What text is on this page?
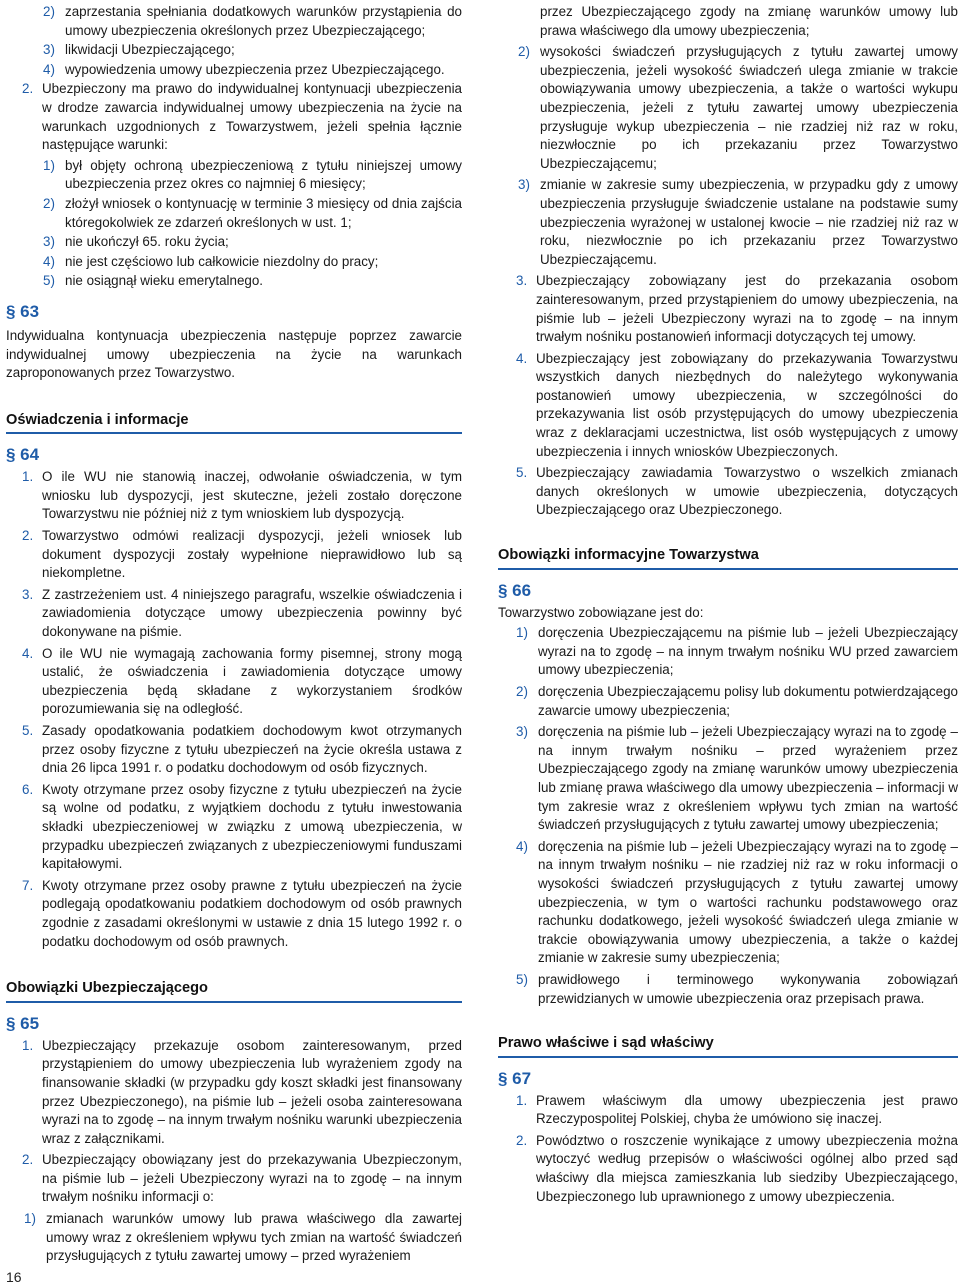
2) zaprzestania spełniania dodatkowych warunków przystąpienia do umowy ubezpieczenia określonych przez Ubezpieczającego;
3) likwidacji Ubezpieczającego;
4) wypowiedzenia umowy ubezpieczenia przez Ubezpieczającego.
2. Ubezpieczony ma prawo do indywidualnej kontynuacji ubezpieczenia w drodze zawarcia indywidualnej umowy ubezpieczenia na życie na warunkach uzgodnionych z Towarzystwem, jeżeli spełnia łącznie następujące warunki:
1) był objęty ochroną ubezpieczeniową z tytułu niniejszej umowy ubezpieczenia przez okres co najmniej 6 miesięcy;
2) złożył wniosek o kontynuację w terminie 3 miesięcy od dnia zajścia któregokolwiek ze zdarzeń określonych w ust. 1;
3) nie ukończył 65. roku życia;
4) nie jest częściowo lub całkowicie niezdolny do pracy;
5) nie osiągnął wieku emerytalnego.
§ 63

Indywidualna kontynuacja ubezpieczenia następuje poprzez zawarcie indywidualnej umowy ubezpieczenia na życie na warunkach zaproponowanych przez Towarzystwo.

Oświadczenia i informacje
§ 64
1. O ile WU nie stanowią inaczej, odwołanie oświadczenia, w tym wniosku lub dyspozycji, jest skuteczne, jeżeli zostało doręczone Towarzystwu nie później niż z tym wnioskiem lub dyspozycją.
2. Towarzystwo odmówi realizacji dyspozycji, jeżeli wniosek lub dokument dyspozycji zostały wypełnione nieprawidłowo lub są niekompletne.
3. Z zastrzeżeniem ust. 4 niniejszego paragrafu, wszelkie oświadczenia i zawiadomienia dotyczące umowy ubezpieczenia powinny być dokonywane na piśmie.
4. O ile WU nie wymagają zachowania formy pisemnej, strony mogą ustalić, że oświadczenia i zawiadomienia dotyczące umowy ubezpieczenia będą składane z wykorzystaniem środków porozumiewania się na odległość.
5. Zasady opodatkowania podatkiem dochodowym kwot otrzymanych przez osoby fizyczne z tytułu ubezpieczeń na życie określa ustawa z dnia 26 lipca 1991 r. o podatku dochodowym od osób fizycznych.
6. Kwoty otrzymane przez osoby fizyczne z tytułu ubezpieczeń na życie są wolne od podatku, z wyjątkiem dochodu z tytułu inwestowania składki ubezpieczeniowej w związku z umową ubezpieczenia, w przypadku ubezpieczeń związanych z ubezpieczeniowymi funduszami kapitałowymi.
7. Kwoty otrzymane przez osoby prawne z tytułu ubezpieczeń na życie podlegają opodatkowaniu podatkiem dochodowym od osób prawnych zgodnie z zasadami określonymi w ustawie z dnia 15 lutego 1992 r. o podatku dochodowym od osób prawnych.
Obowiązki Ubezpieczającego
§ 65
1. Ubezpieczający przekazuje osobom zainteresowanym, przed przystąpieniem do umowy ubezpieczenia lub wyrażeniem zgody na finansowanie składki (w przypadku gdy koszt składki jest finansowany przez Ubezpieczonego), na piśmie lub – jeżeli osoba zainteresowana wyrazi na to zgodę – na innym trwałym nośniku warunki ubezpieczenia wraz z załącznikami.
2. Ubezpieczający obowiązany jest do przekazywania Ubezpieczonym, na piśmie lub – jeżeli Ubezpieczony wyrazi na to zgodę – na innym trwałym nośniku informacji o:
1) zmianach warunków umowy lub prawa właściwego dla zawartej umowy wraz z określeniem wpływu tych zmian na wartość świadczeń przysługujących z tytułu zawartej umowy – przed wyrażeniem

przez Ubezpieczającego zgody na zmianę warunków umowy lub prawa właściwego dla umowy ubezpieczenia;

2) wysokości świadczeń przysługujących z tytułu zawartej umowy ubezpieczenia, jeżeli wysokość świadczeń ulega zmianie w trakcie obowiązywania umowy ubezpieczenia, a także o wartości wykupu ubezpieczenia, jeżeli z tytułu zawartej umowy ubezpieczenia przysługuje wykup ubezpieczenia – nie rzadziej niż raz w roku, niezwłocznie po ich przekazaniu przez Towarzystwo Ubezpieczającemu;
3) zmianie w zakresie sumy ubezpieczenia, w przypadku gdy z umowy ubezpieczenia przysługuje świadczenie ustalane na podstawie sumy ubezpieczenia wyrażonej w ustalonej kwocie – nie rzadziej niż raz w roku, niezwłocznie po ich przekazaniu przez Towarzystwo Ubezpieczającemu.
3. Ubezpieczający zobowiązany jest do przekazania osobom zainteresowanym, przed przystąpieniem do umowy ubezpieczenia, na piśmie lub – jeżeli Ubezpieczony wyrazi na to zgodę – na innym trwałym nośniku postanowień informacji dotyczących tej umowy.
4. Ubezpieczający jest zobowiązany do przekazywania Towarzystwu wszystkich danych niezbędnych do należytego wykonywania postanowień umowy ubezpieczenia, w szczególności do przekazywania list osób przystępujących do umowy ubezpieczenia wraz z deklaracjami uczestnictwa, list osób występujących z umowy ubezpieczenia i innych wniosków Ubezpieczonych.
5. Ubezpieczający zawiadamia Towarzystwo o wszelkich zmianach danych określonych w umowie ubezpieczenia, dotyczących Ubezpieczającego oraz Ubezpieczonego.
Obowiązki informacyjne Towarzystwa
§ 66

Towarzystwo zobowiązane jest do:

1) doręczenia Ubezpieczającemu na piśmie lub – jeżeli Ubezpieczający wyrazi na to zgodę – na innym trwałym nośniku WU przed zawarciem umowy ubezpieczenia;
2) doręczenia Ubezpieczającemu polisy lub dokumentu potwierdzającego zawarcie umowy ubezpieczenia;
3) doręczenia na piśmie lub – jeżeli Ubezpieczający wyrazi na to zgodę – na innym trwałym nośniku – przed wyrażeniem przez Ubezpieczającego zgody na zmianę warunków umowy ubezpieczenia lub zmianę prawa właściwego dla umowy ubezpieczenia – informacji w tym zakresie wraz z określeniem wpływu tych zmian na wartość świadczeń przysługujących z tytułu zawartej umowy ubezpieczenia;
4) doręczenia na piśmie lub – jeżeli Ubezpieczający wyrazi na to zgodę – na innym trwałym nośniku – nie rzadziej niż raz w roku informacji o wysokości świadczeń przysługujących z tytułu zawartej umowy ubezpieczenia, w tym o wartości rachunku podstawowego oraz rachunku dodatkowego, jeżeli wysokość świadczeń ulega zmianie w trakcie obowiązywania umowy ubezpieczenia, a także o każdej zmianie w zakresie sumy ubezpieczenia;
5) prawidłowego i terminowego wykonywania zobowiązań przewidzianych w umowie ubezpieczenia oraz przepisach prawa.
Prawo właściwe i sąd właściwy
§ 67
1. Prawem właściwym dla umowy ubezpieczenia jest prawo Rzeczypospolitej Polskiej, chyba że umówiono się inaczej.
2. Powództwo o roszczenie wynikające z umowy ubezpieczenia można wytoczyć według przepisów o właściwości ogólnej albo przed sąd właściwy dla miejsca zamieszkania lub siedziby Ubezpieczającego, Ubezpieczonego lub uprawnionego z umowy ubezpieczenia.
16
